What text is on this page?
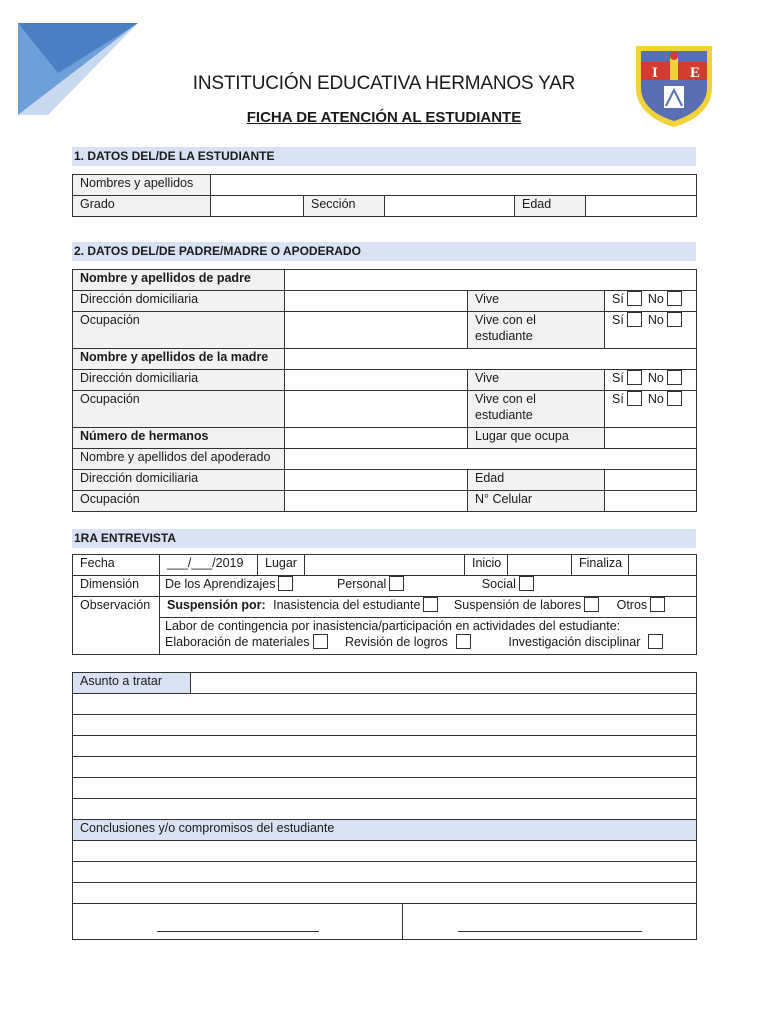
INSTITUCIÓN EDUCATIVA HERMANOS YAR
FICHA DE ATENCIÓN AL ESTUDIANTE
I E
1. DATOS DEL/DE LA ESTUDIANTE
Nombres y apellidos					
Grado		Sección		Edad	
2. DATOS DEL/DE PADRE/MADRE O APODERADO
Nombre y apellidos de padre			
Dirección domiciliaria		Vive	Sí No
Ocupación		Vive con el estudiante	Sí No
Nombre y apellidos de la madre			
Dirección domiciliaria		Vive	Sí No
Ocupación		Vive con el estudiante	Sí No
Número de hermanos		Lugar que ocupa	
Nombre y apellidos del apoderado			
Dirección domiciliaria		Edad	
Ocupación		N° Celular	
1RA ENTREVISTA
Fecha	___/___/2019	Lugar		Inicio		Finaliza	
Dimensión	De los Aprendizajes Personal Social						
Observación	Suspensión por: Inasistencia del estudiante Suspensión de labores Otros						

	Labor de contingencia por inasistencia/participación en actividades del estudiante:
Elaboración de materiales Revisión de logros Investigación disciplinar						
Asunto a tratar		

Conclusiones y/o compromisos del estudiante		
